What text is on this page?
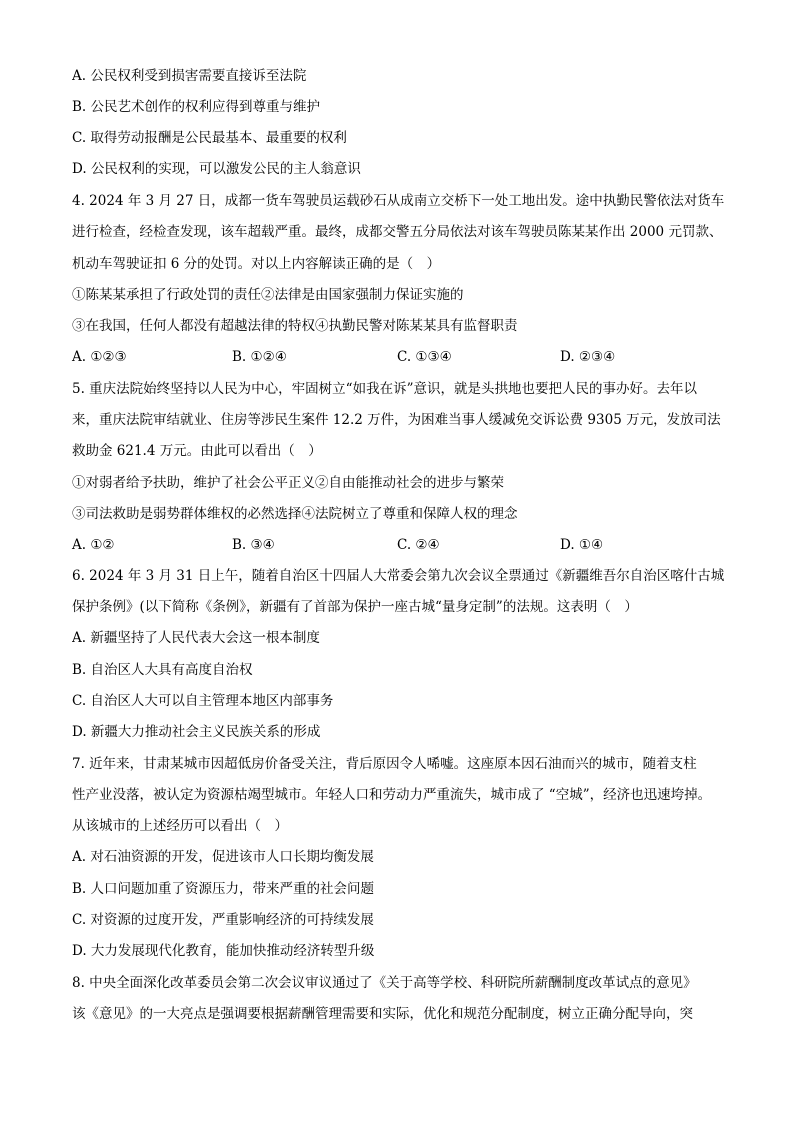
A. 公民权利受到损害需要直接诉至法院
B. 公民艺术创作的权利应得到尊重与维护
C. 取得劳动报酬是公民最基本、最重要的权利
D. 公民权利的实现，可以激发公民的主人翁意识
4. 2024 年 3 月 27 日，成都一货车驾驶员运载砂石从成南立交桥下一处工地出发。途中执勤民警依法对货车
进行检查，经检查发现，该车超载严重。最终，成都交警五分局依法对该车驾驶员陈某某作出 2000 元罚款、
机动车驾驶证扣 6 分的处罚。对以上内容解读正确的是（　）
①陈某某承担了行政处罚的责任②法律是由国家强制力保证实施的
③在我国，任何人都没有超越法律的特权④执勤民警对陈某某具有监督职责
A. ①②③	B. ①②④	C. ①③④	D. ②③④
5. 重庆法院始终坚持以人民为中心，牢固树立“如我在诉”意识，就是头拱地也要把人民的事办好。去年以
来，重庆法院审结就业、住房等涉民生案件 12.2 万件，为困难当事人缓减免交诉讼费 9305 万元，发放司法
救助金 621.4 万元。由此可以看出（　）
①对弱者给予扶助，维护了社会公平正义②自由能推动社会的进步与繁荣
③司法救助是弱势群体维权的必然选择④法院树立了尊重和保障人权的理念
A. ①②	B. ③④	C. ②④	D. ①④
6. 2024 年 3 月 31 日上午，随着自治区十四届人大常委会第九次会议全票通过《新疆维吾尔自治区喀什古城
保护条例》(以下简称《条例》，新疆有了首部为保护一座古城“量身定制”的法规。这表明（　）
A. 新疆坚持了人民代表大会这一根本制度
B. 自治区人大具有高度自治权
C. 自治区人大可以自主管理本地区内部事务
D. 新疆大力推动社会主义民族关系的形成
7. 近年来，甘肃某城市因超低房价备受关注，背后原因令人唏嘘。这座原本因石油而兴的城市，随着支柱
性产业没落，被认定为资源枯竭型城市。年轻人口和劳动力严重流失，城市成了 “空城”，经济也迅速垮掉。
从该城市的上述经历可以看出（　）
A. 对石油资源的开发，促进该市人口长期均衡发展
B. 人口问题加重了资源压力，带来严重的社会问题
C. 对资源的过度开发，严重影响经济的可持续发展
D. 大力发展现代化教育，能加快推动经济转型升级
8. 中央全面深化改革委员会第二次会议审议通过了《关于高等学校、科研院所薪酬制度改革试点的意见》
该《意见》的一大亮点是强调要根据薪酬管理需要和实际，优化和规范分配制度，树立正确分配导向，突
